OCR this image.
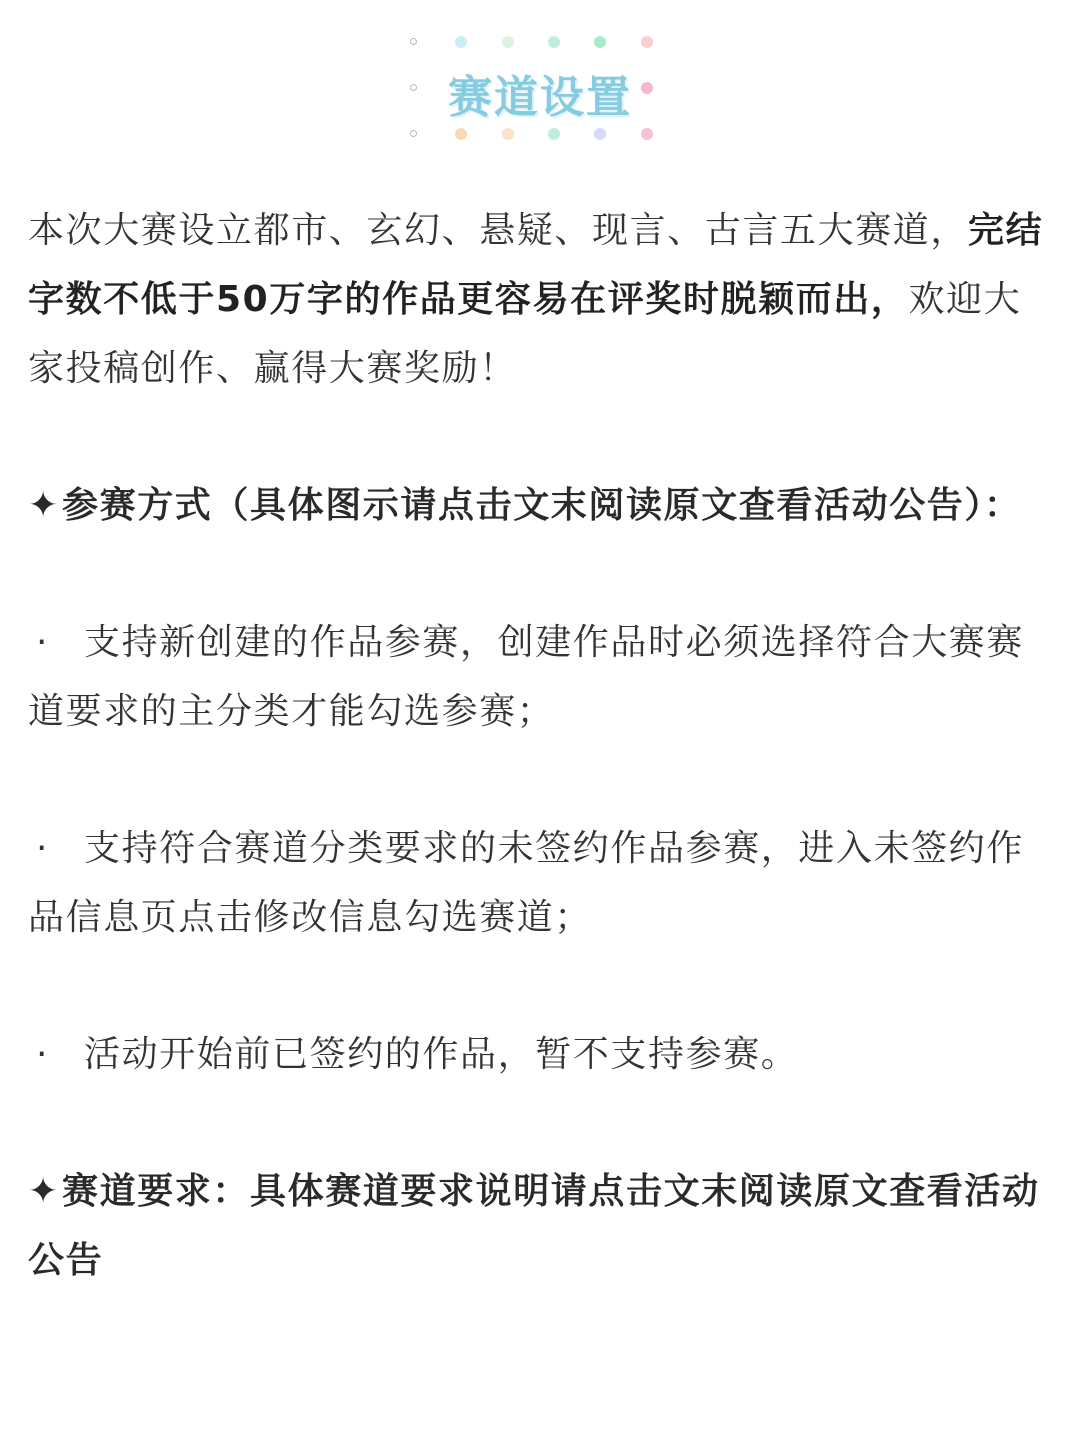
赛道设置

本次大赛设立都市、玄幻、悬疑、现言、古言五大赛道，完结字数不低于50万字的作品更容易在评奖时脱颖而出，欢迎大家投稿创作、赢得大赛奖励！

✦参赛方式（具体图示请点击文末阅读原文查看活动公告）：

· 支持新创建的作品参赛，创建作品时必须选择符合大赛赛道要求的主分类才能勾选参赛；

· 支持符合赛道分类要求的未签约作品参赛，进入未签约作品信息页点击修改信息勾选赛道；

· 活动开始前已签约的作品，暂不支持参赛。

✦赛道要求：具体赛道要求说明请点击文末阅读原文查看活动公告
